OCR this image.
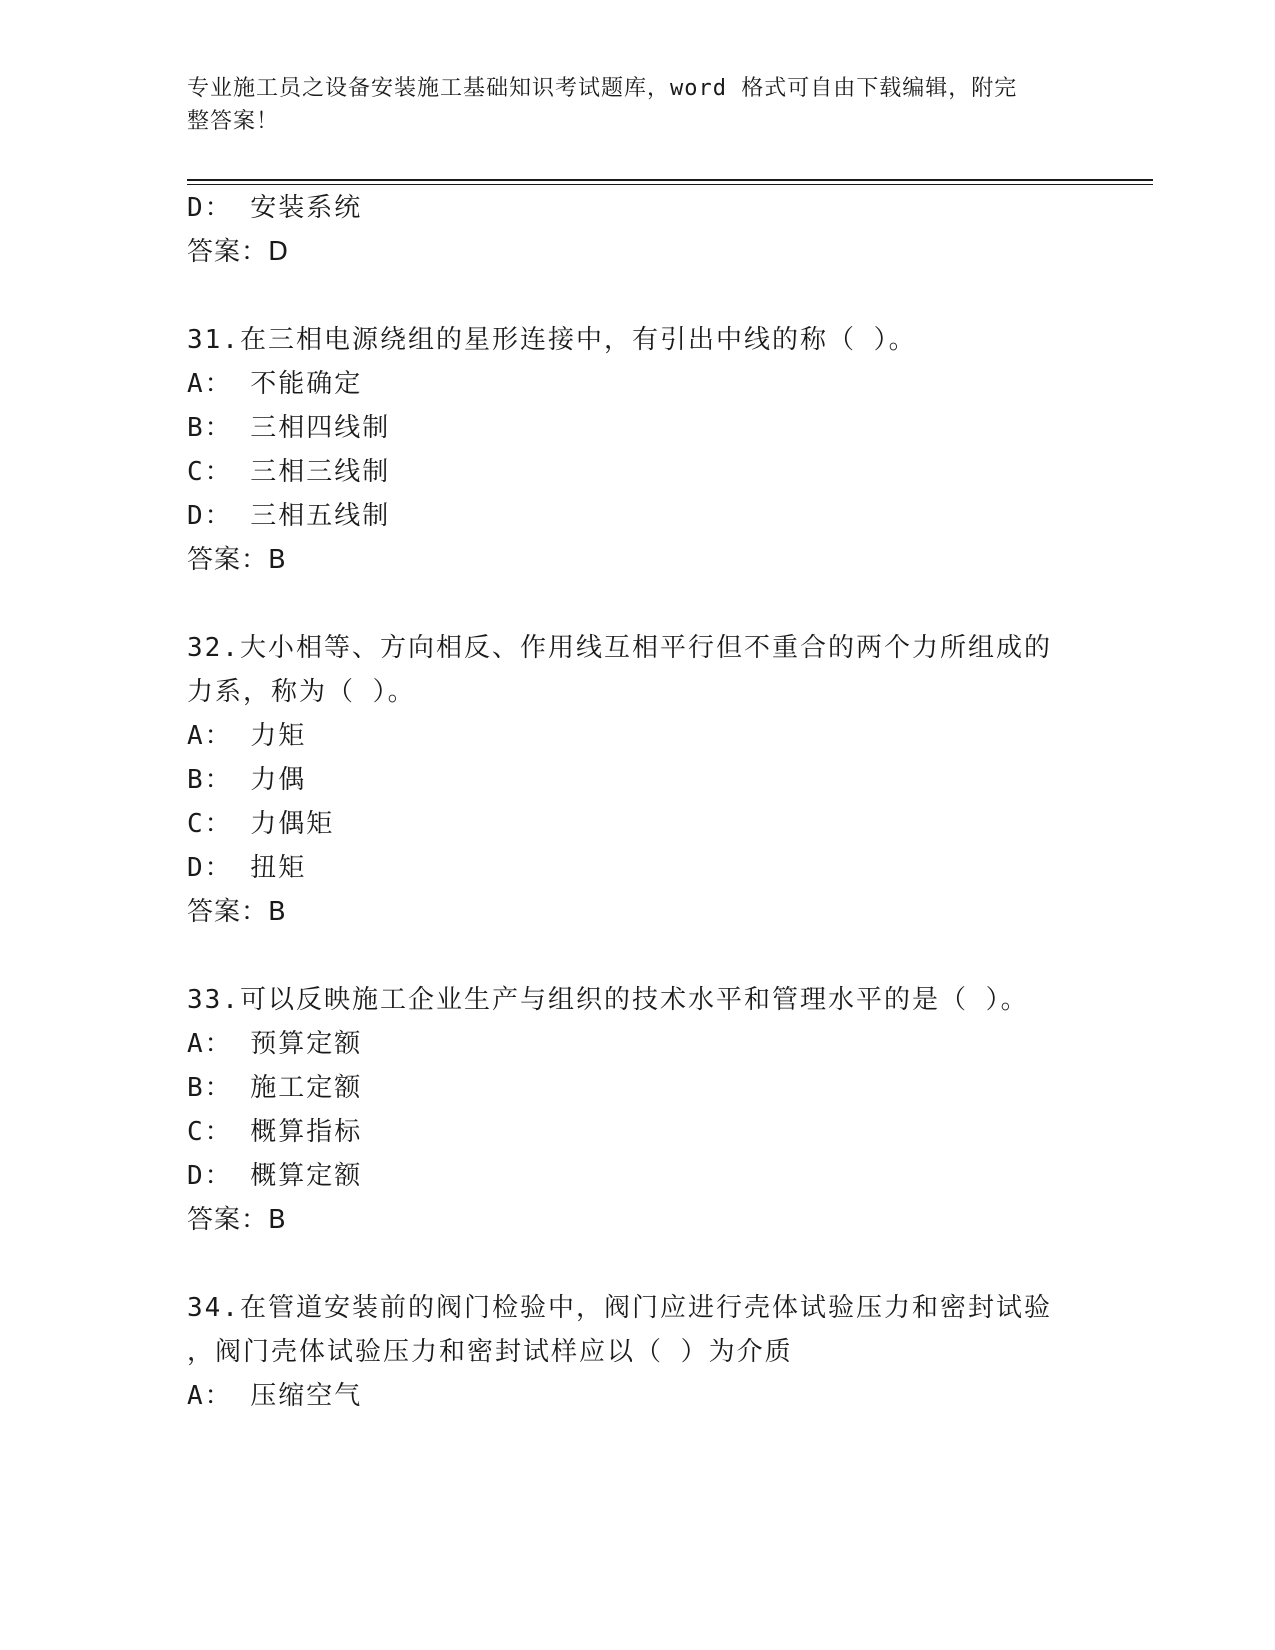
专业施工员之设备安装施工基础知识考试题库，word 格式可自由下载编辑，附完
整答案！
D： 安装系统
答案：D
31.在三相电源绕组的星形连接中，有引出中线的称（ ）。
A： 不能确定
B： 三相四线制
C： 三相三线制
D： 三相五线制
答案：B
32.大小相等、方向相反、作用线互相平行但不重合的两个力所组成的
力系，称为（ ）。
A： 力矩
B： 力偶
C： 力偶矩
D： 扭矩
答案：B
33.可以反映施工企业生产与组织的技术水平和管理水平的是（ ）。
A： 预算定额
B： 施工定额
C： 概算指标
D： 概算定额
答案：B
34.在管道安装前的阀门检验中，阀门应进行壳体试验压力和密封试验
，阀门壳体试验压力和密封试样应以（ ）为介质
A： 压缩空气
